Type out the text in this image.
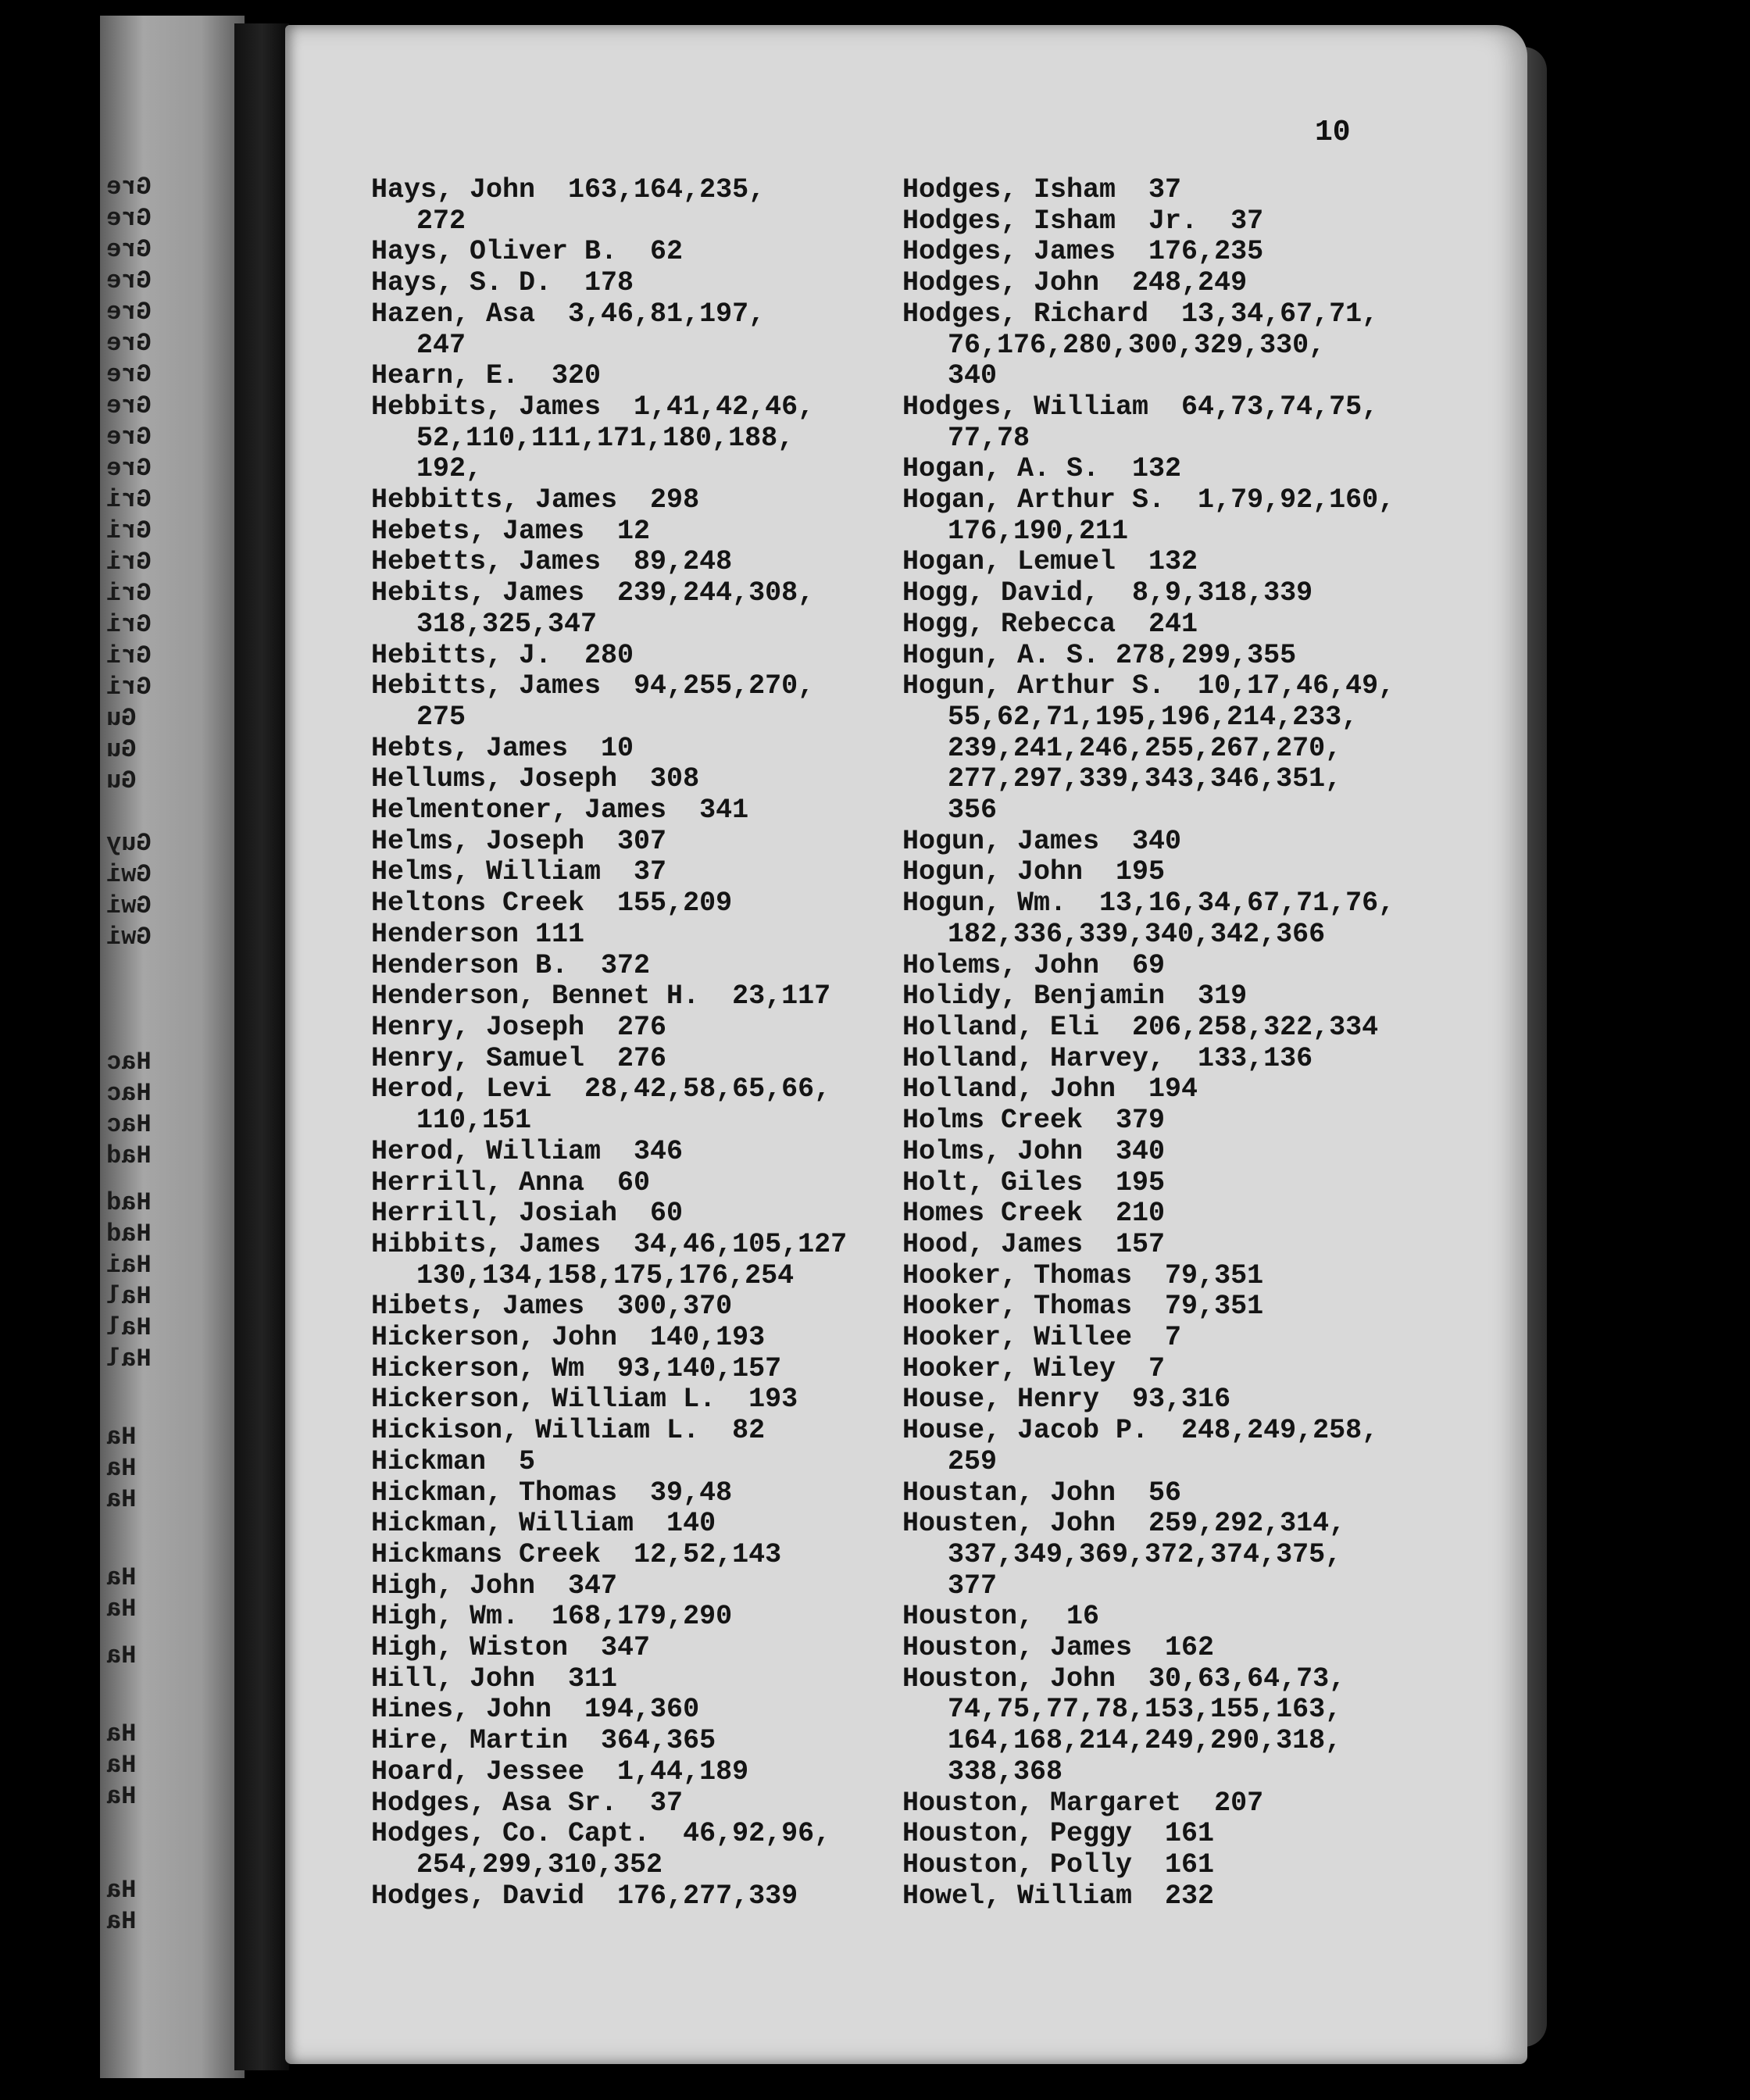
Gre
Gre
Gre
Gre
Gre
Gre
Gre
Gre
Gre
Gre
Gri
Gri
Gri
Gri
Gri
Gri
Gri
Gu
Gu
Gu
Guy
Gwi
Gwi
Gwi
Hac
Hac
Hac
Had
Had
Had
Hai
Hal
Hal
Hal
Ha
Ha
Ha
Ha
Ha
Ha
Ha
Ha
Ha
Ha
Ha
10
Hays, John  163,164,235,
272
Hays, Oliver B.  62
Hays, S. D.  178
Hazen, Asa  3,46,81,197,
247
Hearn, E.  320
Hebbits, James  1,41,42,46,
52,110,111,171,180,188,
192,
Hebbitts, James  298
Hebets, James  12
Hebetts, James  89,248
Hebits, James  239,244,308,
318,325,347
Hebitts, J.  280
Hebitts, James  94,255,270,
275
Hebts, James  10
Hellums, Joseph  308
Helmentoner, James  341
Helms, Joseph  307
Helms, William  37
Heltons Creek  155,209
Henderson 111
Henderson B.  372
Henderson, Bennet H.  23,117
Henry, Joseph  276
Henry, Samuel  276
Herod, Levi  28,42,58,65,66,
110,151
Herod, William  346
Herrill, Anna  60
Herrill, Josiah  60
Hibbits, James  34,46,105,127
130,134,158,175,176,254
Hibets, James  300,370
Hickerson, John  140,193
Hickerson, Wm  93,140,157
Hickerson, William L.  193
Hickison, William L.  82
Hickman  5
Hickman, Thomas  39,48
Hickman, William  140
Hickmans Creek  12,52,143
High, John  347
High, Wm.  168,179,290
High, Wiston  347
Hill, John  311
Hines, John  194,360
Hire, Martin  364,365
Hoard, Jessee  1,44,189
Hodges, Asa Sr.  37
Hodges, Co. Capt.  46,92,96,
254,299,310,352
Hodges, David  176,277,339
Hodges, Isham  37
Hodges, Isham  Jr.  37
Hodges, James  176,235
Hodges, John  248,249
Hodges, Richard  13,34,67,71,
76,176,280,300,329,330,
340
Hodges, William  64,73,74,75,
77,78
Hogan, A. S.  132
Hogan, Arthur S.  1,79,92,160,
176,190,211
Hogan, Lemuel  132
Hogg, David,  8,9,318,339
Hogg, Rebecca  241
Hogun, A. S. 278,299,355
Hogun, Arthur S.  10,17,46,49,
55,62,71,195,196,214,233,
239,241,246,255,267,270,
277,297,339,343,346,351,
356
Hogun, James  340
Hogun, John  195
Hogun, Wm.  13,16,34,67,71,76,
182,336,339,340,342,366
Holems, John  69
Holidy, Benjamin  319
Holland, Eli  206,258,322,334
Holland, Harvey,  133,136
Holland, John  194
Holms Creek  379
Holms, John  340
Holt, Giles  195
Homes Creek  210
Hood, James  157
Hooker, Thomas  79,351
Hooker, Thomas  79,351
Hooker, Willee  7
Hooker, Wiley  7
House, Henry  93,316
House, Jacob P.  248,249,258,
259
Houstan, John  56
Housten, John  259,292,314,
337,349,369,372,374,375,
377
Houston,  16
Houston, James  162
Houston, John  30,63,64,73,
74,75,77,78,153,155,163,
164,168,214,249,290,318,
338,368
Houston, Margaret  207
Houston, Peggy  161
Houston, Polly  161
Howel, William  232
